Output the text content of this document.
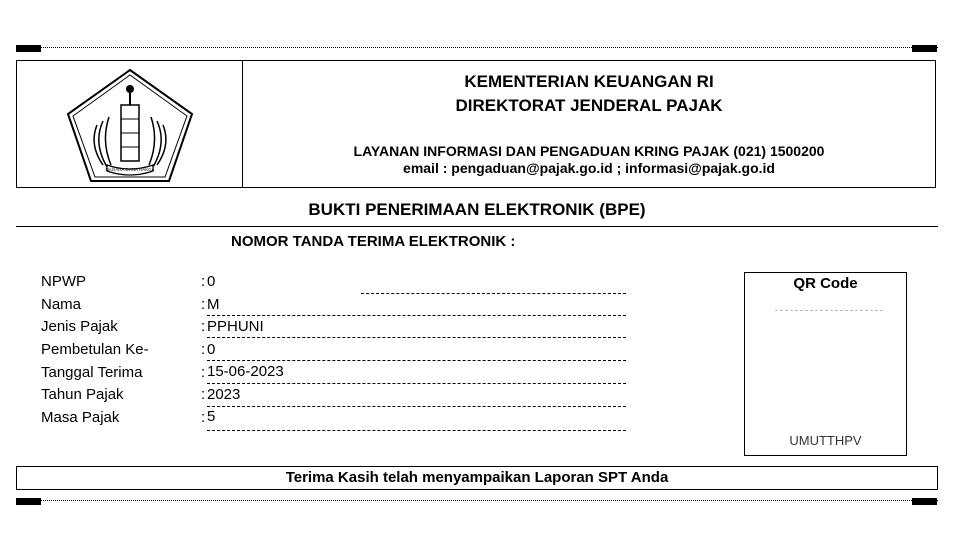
NAGARA DANA RAKCA
KEMENTERIAN KEUANGAN RI
DIREKTORAT JENDERAL PAJAK
LAYANAN INFORMASI DAN PENGADUAN KRING PAJAK (021) 1500200
email : pengaduan@pajak.go.id ; informasi@pajak.go.id
BUKTI PENERIMAAN ELEKTRONIK (BPE)
NOMOR TANDA TERIMA ELEKTRONIK :
NPWP	: 0
Nama	: M
Jenis Pajak	: PPHUNI
Pembetulan Ke-	: 0
Tanggal Terima	: 15-06-2023
Tahun Pajak	: 2023
Masa Pajak	: 5
QR Code
UMUTTHPV
Terima Kasih telah menyampaikan Laporan SPT Anda
